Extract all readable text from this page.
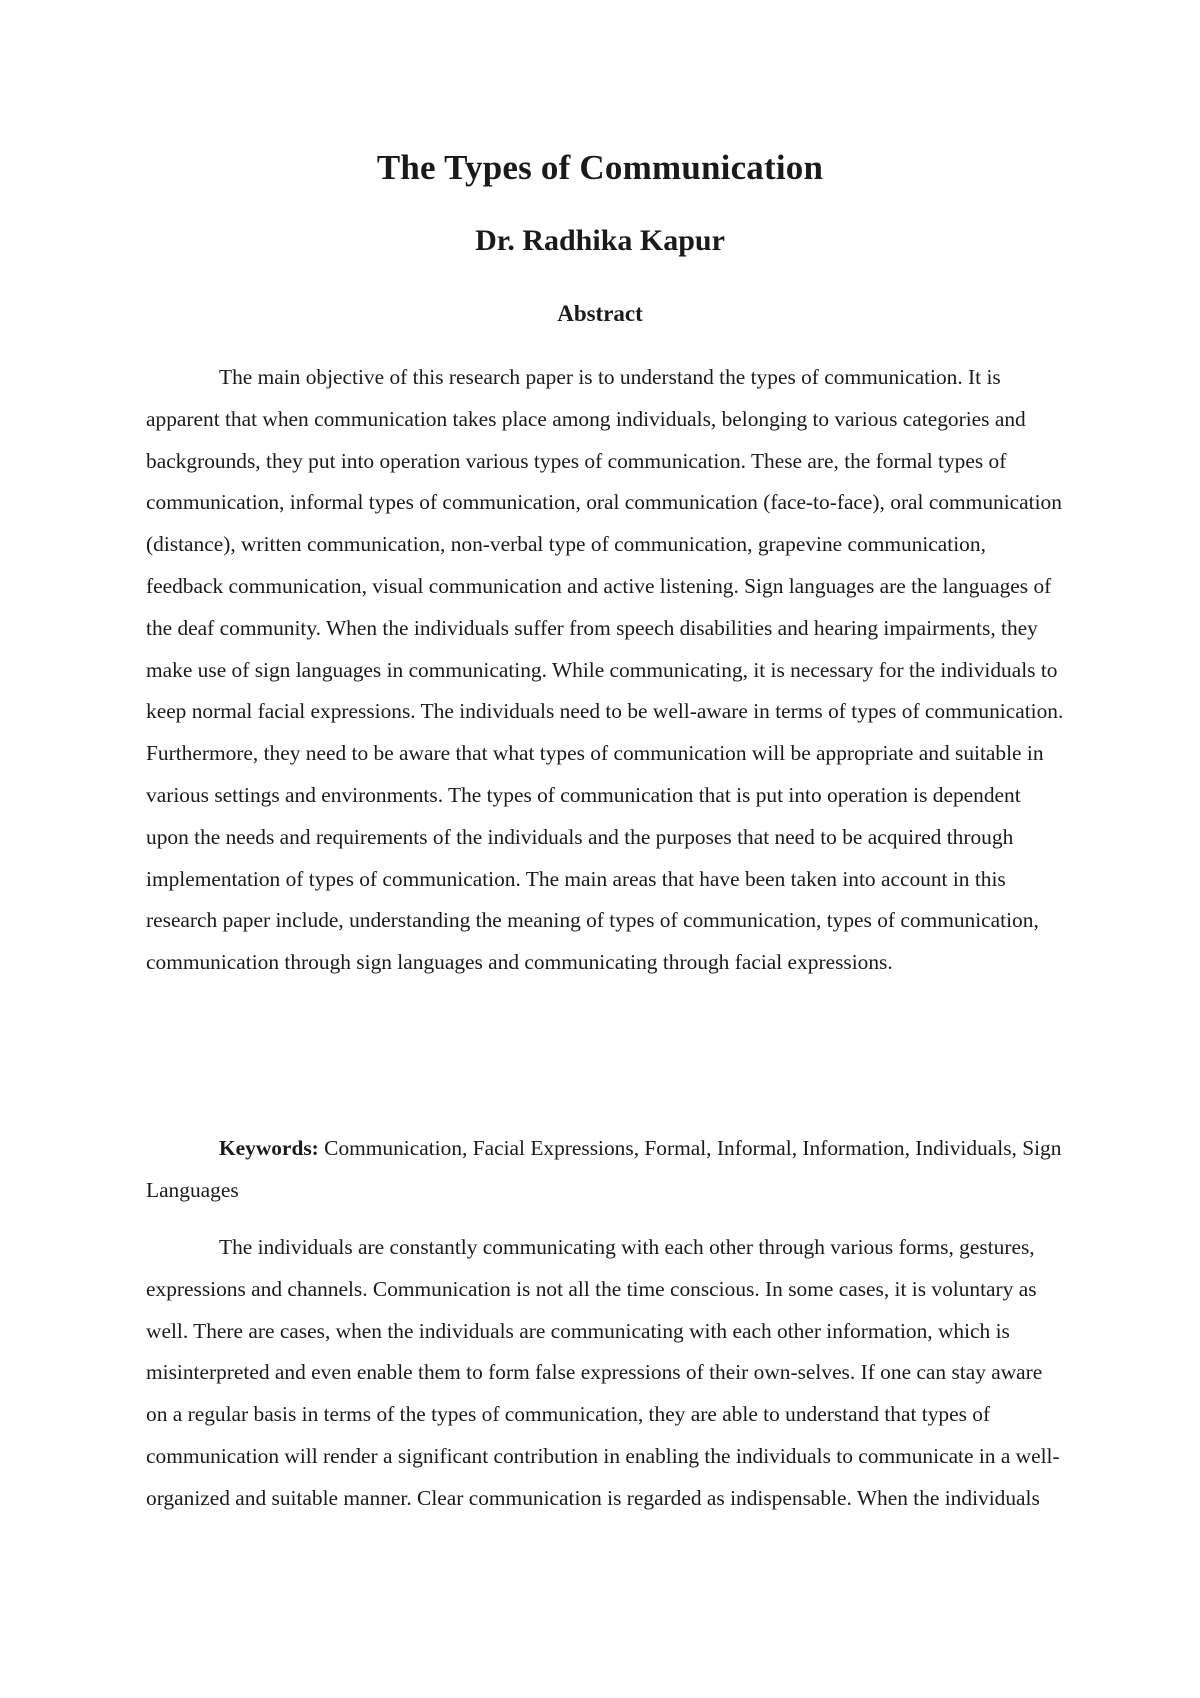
The Types of Communication
Dr. Radhika Kapur
Abstract

The main objective of this research paper is to understand the types of communication. It is apparent that when communication takes place among individuals, belonging to various categories and backgrounds, they put into operation various types of communication. These are, the formal types of communication, informal types of communication, oral communication (face-to-face), oral communication (distance), written communication, non-verbal type of communication, grapevine communication, feedback communication, visual communication and active listening. Sign languages are the languages of the deaf community. When the individuals suffer from speech disabilities and hearing impairments, they make use of sign languages in communicating. While communicating, it is necessary for the individuals to keep normal facial expressions. The individuals need to be well-aware in terms of types of communication. Furthermore, they need to be aware that what types of communication will be appropriate and suitable in various settings and environments. The types of communication that is put into operation is dependent upon the needs and requirements of the individuals and the purposes that need to be acquired through implementation of types of communication. The main areas that have been taken into account in this research paper include, understanding the meaning of types of communication, types of communication, communication through sign languages and communicating through facial expressions.

Keywords: Communication, Facial Expressions, Formal, Informal, Information, Individuals, Sign Languages

The individuals are constantly communicating with each other through various forms, gestures, expressions and channels. Communication is not all the time conscious. In some cases, it is voluntary as well. There are cases, when the individuals are communicating with each other information, which is misinterpreted and even enable them to form false expressions of their own-selves. If one can stay aware on a regular basis in terms of the types of communication, they are able to understand that types of communication will render a significant contribution in enabling the individuals to communicate in a well-organized and suitable manner. Clear communication is regarded as indispensable. When the individuals
